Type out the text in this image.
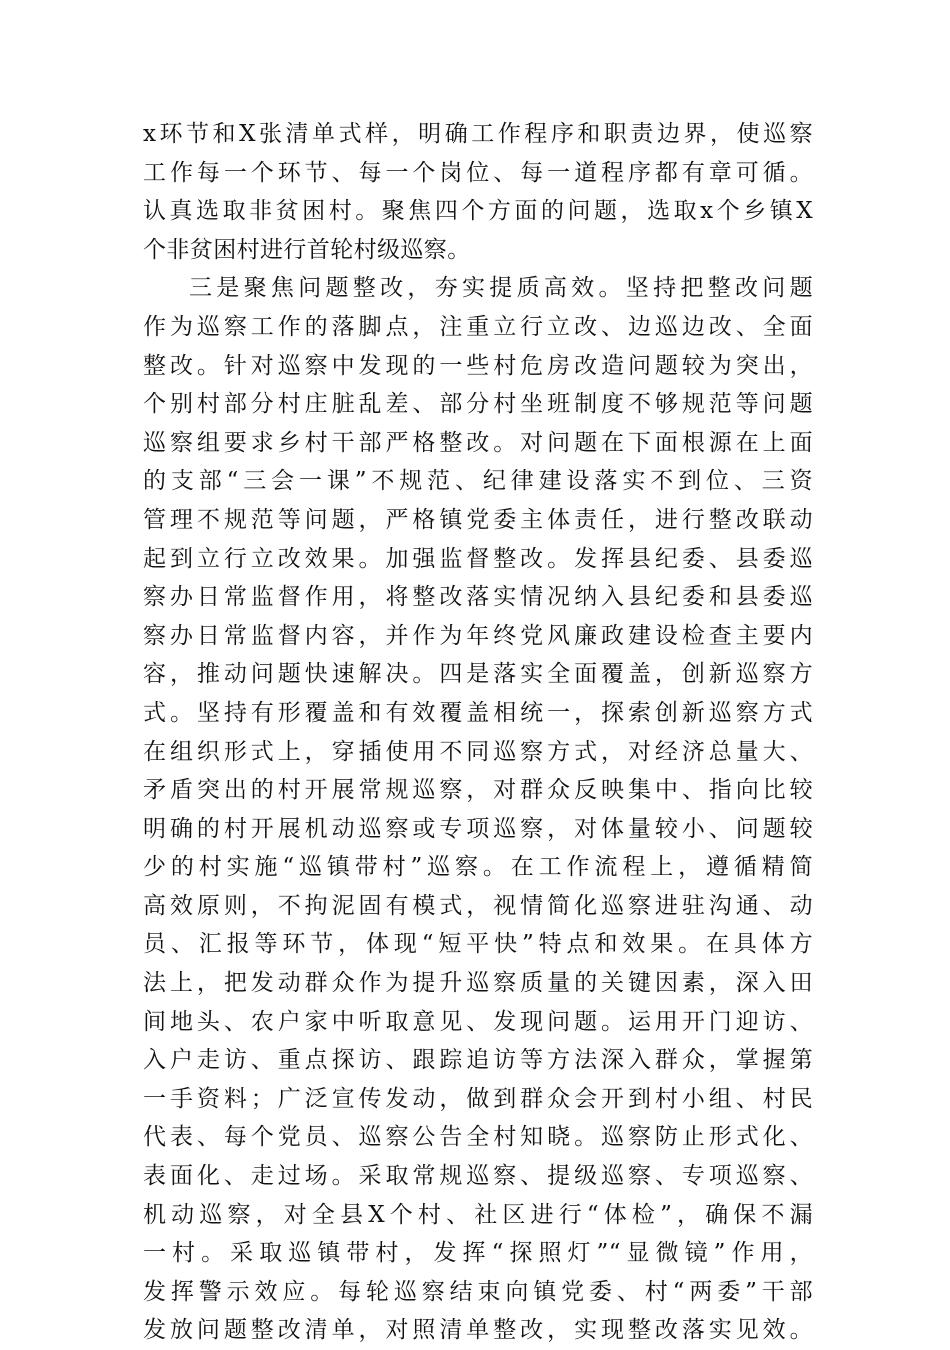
x环节和X张清单式样，明确工作程序和职责边界，使巡察
工作每一个环节、每一个岗位、每一道程序都有章可循。
认真选取非贫困村。聚焦四个方面的问题，选取x个乡镇X
个非贫困村进行首轮村级巡察。
三是聚焦问题整改，夯实提质高效。坚持把整改问题
作为巡察工作的落脚点，注重立行立改、边巡边改、全面
整改。针对巡察中发现的一些村危房改造问题较为突出，
个别村部分村庄脏乱差、部分村坐班制度不够规范等问题
巡察组要求乡村干部严格整改。对问题在下面根源在上面
的支部“三会一课”不规范、纪律建设落实不到位、三资
管理不规范等问题，严格镇党委主体责任，进行整改联动
起到立行立改效果。加强监督整改。发挥县纪委、县委巡
察办日常监督作用，将整改落实情况纳入县纪委和县委巡
察办日常监督内容，并作为年终党风廉政建设检查主要内
容，推动问题快速解决。四是落实全面覆盖，创新巡察方
式。坚持有形覆盖和有效覆盖相统一，探索创新巡察方式
在组织形式上，穿插使用不同巡察方式，对经济总量大、
矛盾突出的村开展常规巡察，对群众反映集中、指向比较
明确的村开展机动巡察或专项巡察，对体量较小、问题较
少的村实施“巡镇带村”巡察。在工作流程上，遵循精简
高效原则，不拘泥固有模式，视情简化巡察进驻沟通、动
员、汇报等环节，体现“短平快”特点和效果。在具体方
法上，把发动群众作为提升巡察质量的关键因素，深入田
间地头、农户家中听取意见、发现问题。运用开门迎访、
入户走访、重点探访、跟踪追访等方法深入群众，掌握第
一手资料；广泛宣传发动，做到群众会开到村小组、村民
代表、每个党员、巡察公告全村知晓。巡察防止形式化、
表面化、走过场。采取常规巡察、提级巡察、专项巡察、
机动巡察，对全县X个村、社区进行“体检”，确保不漏
一村。采取巡镇带村，发挥“探照灯”“显微镜”作用，
发挥警示效应。每轮巡察结束向镇党委、村“两委”干部
发放问题整改清单，对照清单整改，实现整改落实见效。
